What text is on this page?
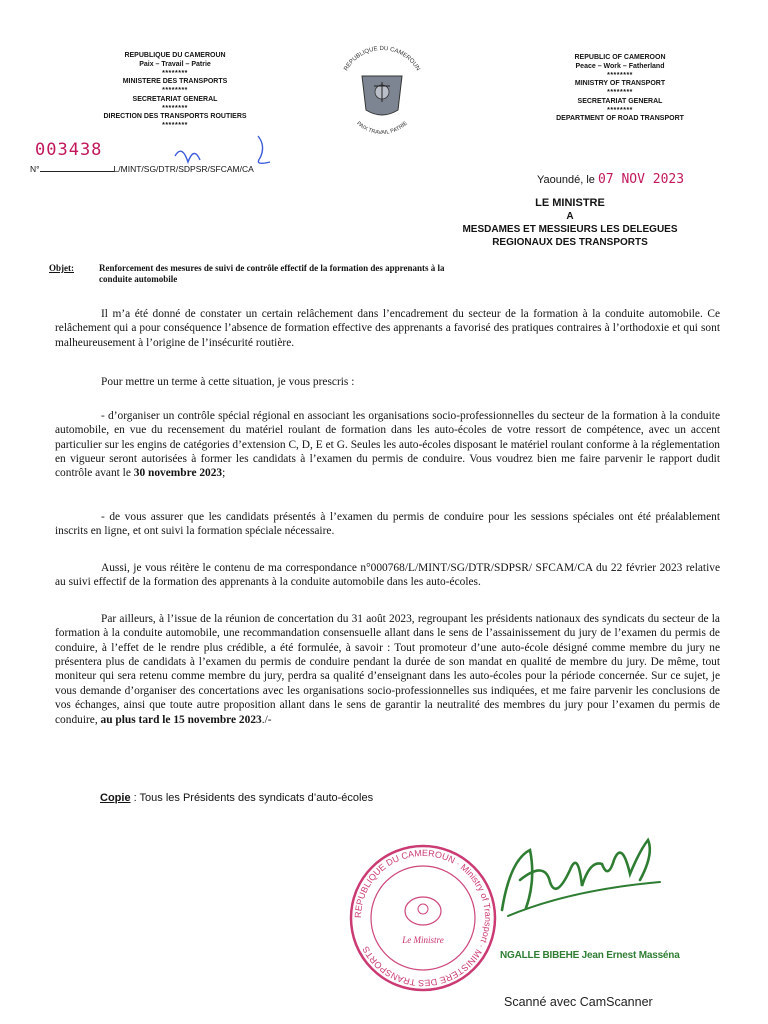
REPUBLIQUE DU CAMEROUN
Paix – Travail – Patrie
********
MINISTERE DES TRANSPORTS
********
SECRETARIAT GENERAL
********
DIRECTION DES TRANSPORTS ROUTIERS
********
REPUBLIQUE DU CAMEROUN
PAIX TRAVAIL PATRIE
REPUBLIC OF CAMEROON
Peace – Work – Fatherland
********
MINISTRY OF TRANSPORT
********
SECRETARIAT GENERAL
********
DEPARTMENT OF ROAD TRANSPORT
003438
N°	L/MINT/SG/DTR/SDPSR/SFCAM/CA
Yaoundé, le 07 NOV 2023
LE MINISTRE
A
MESDAMES ET MESSIEURS LES DELEGUES
REGIONAUX DES TRANSPORTS
Objet:	Renforcement des mesures de suivi de contrôle effectif de la formation des apprenants à la conduite automobile
Il m’a été donné de constater un certain relâchement dans l’encadrement du secteur de la formation à la conduite automobile. Ce relâchement qui a pour conséquence l’absence de formation effective des apprenants a favorisé des pratiques contraires à l’orthodoxie et qui sont malheureusement à l’origine de l’insécurité routière.
Pour mettre un terme à cette situation, je vous prescris :
- d’organiser un contrôle spécial régional en associant les organisations socio-professionnelles du secteur de la formation à la conduite automobile, en vue du recensement du matériel roulant de formation dans les auto-écoles de votre ressort de compétence, avec un accent particulier sur les engins de catégories d’extension C, D, E et G. Seules les auto-écoles disposant le matériel roulant conforme à la réglementation en vigueur seront autorisées à former les candidats à l’examen du permis de conduire. Vous voudrez bien me faire parvenir le rapport dudit contrôle avant le 30 novembre 2023;
- de vous assurer que les candidats présentés à l’examen du permis de conduire pour les sessions spéciales ont été préalablement inscrits en ligne, et ont suivi la formation spéciale nécessaire.
Aussi, je vous réitère le contenu de ma correspondance n°000768/L/MINT/SG/DTR/SDPSR/ SFCAM/CA du 22 février 2023 relative au suivi effectif de la formation des apprenants à la conduite automobile dans les auto-écoles.
Par ailleurs, à l’issue de la réunion de concertation du 31 août 2023, regroupant les présidents nationaux des syndicats du secteur de la formation à la conduite automobile, une recommandation consensuelle allant dans le sens de l’assainissement du jury de l’examen du permis de conduire, à l’effet de le rendre plus crédible, a été formulée, à savoir : Tout promoteur d’une auto-école désigné comme membre du jury ne présentera plus de candidats à l’examen du permis de conduire pendant la durée de son mandat en qualité de membre du jury. De même, tout moniteur qui sera retenu comme membre du jury, perdra sa qualité d’enseignant dans les auto-écoles pour la période concernée. Sur ce sujet, je vous demande d’organiser des concertations avec les organisations socio-professionnelles sus indiquées, et me faire parvenir les conclusions de vos échanges, ainsi que toute autre proposition allant dans le sens de garantir la neutralité des membres du jury pour l’examen du permis de conduire, au plus tard le 15 novembre 2023./-
Copie : Tous les Présidents des syndicats d’auto-écoles
REPUBLIQUE DU CAMEROUN · Ministry of Transport · MINISTERE DES TRANSPORTS
Le Ministre
NGALLE BIBEHE Jean Ernest Masséna
Scanné avec CamScanner
